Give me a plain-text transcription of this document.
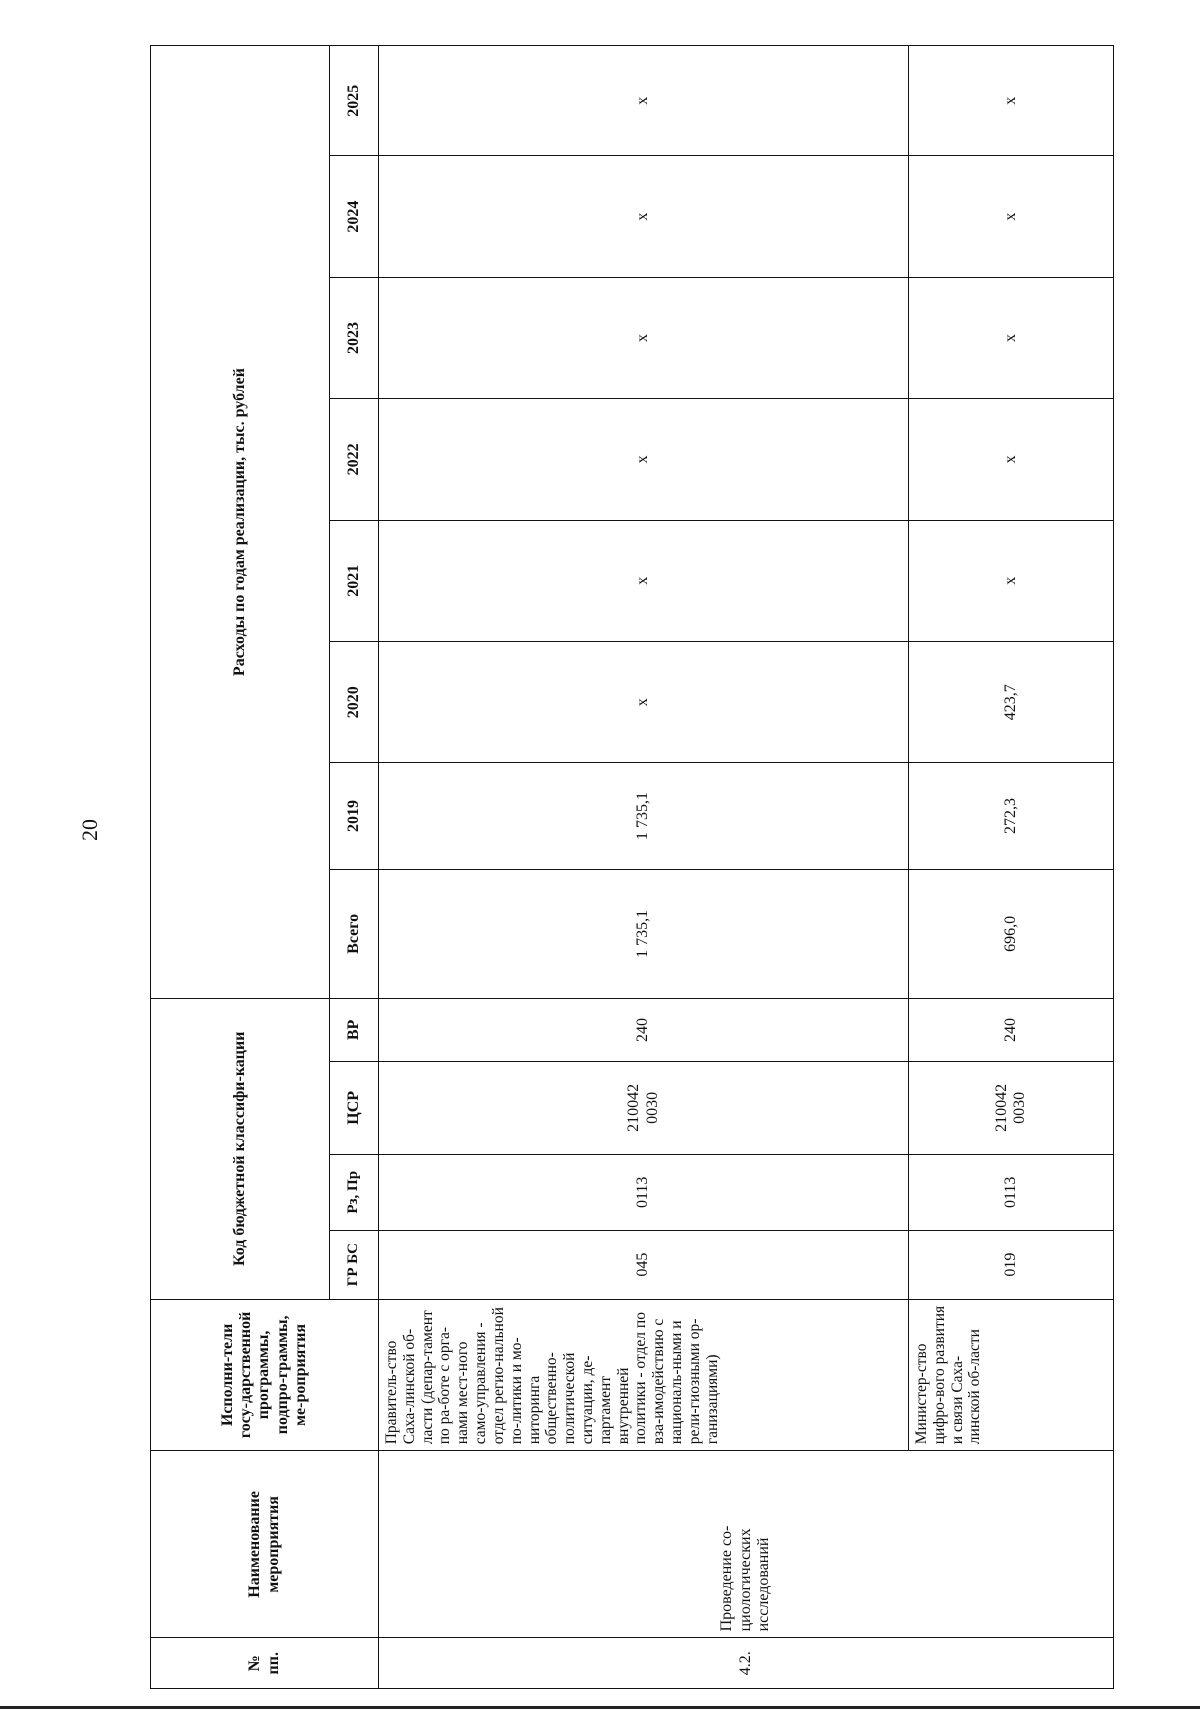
20
№ пп.	Наименование мероприятия	Исполни-тели госу-дарственной программы, подпро-граммы, ме-роприятия	Код бюджетной классифи-кации				Расходы по годам реализации, тыс. рублей							
			ГР БС	Рз, Пр	ЦСР	ВР	Всего	2019	2020	2021	2022	2023	2024	2025
4.2.	Проведение со-циологических исследований	Правитель-ство Саха-линской об-ласти (депар-тамент по ра-боте с орга-нами мест-ного само-управления - отдел регио-нальной по-литики и мо-ниторинга общественно-политической ситуации, де-партамент внутренней политики - отдел по вза-имодействию с националь-ными и рели-гиозными ор-ганизациями)	045	0113	210042 0030	240	1 735,1	1 735,1	x	x	x	x	x	x
		Министер-ство цифро-вого развития и связи Саха-линской об-ласти	019	0113	210042 0030	240	696,0	272,3	423,7	x	x	x	x	x
